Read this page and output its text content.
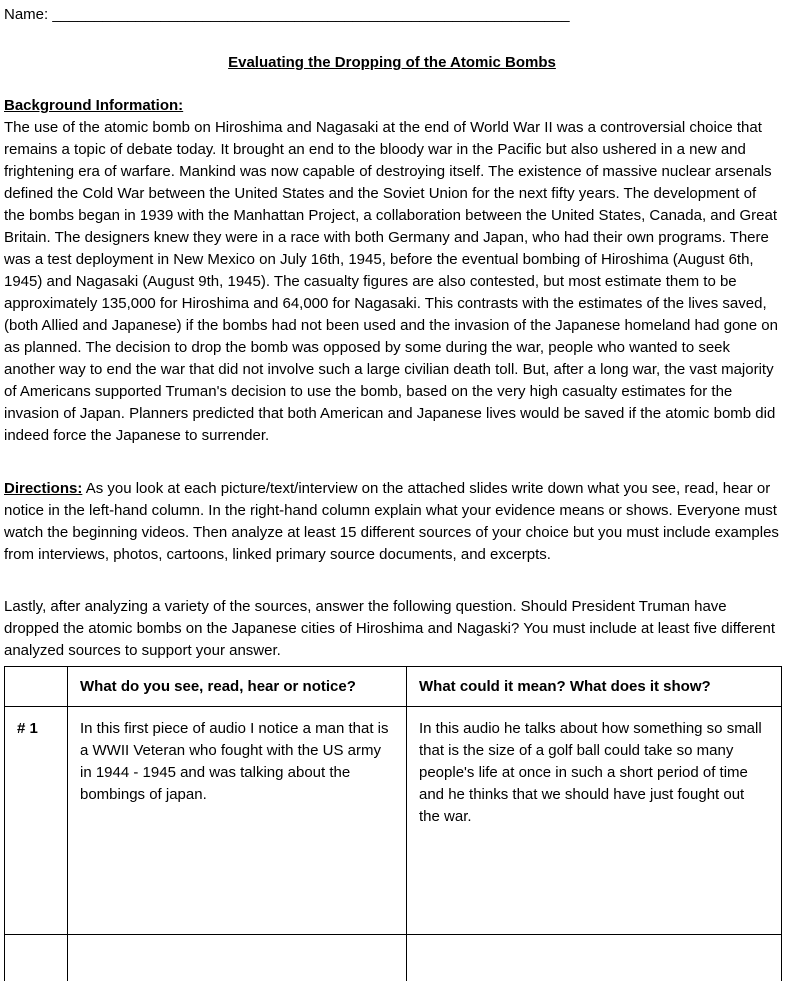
Name: ______________________________________________________________
Evaluating the Dropping of the Atomic Bombs
Background Information:

The use of the atomic bomb on Hiroshima and Nagasaki at the end of World War II was a controversial choice that remains a topic of debate today. It brought an end to the bloody war in the Pacific but also ushered in a new and frightening era of warfare. Mankind was now capable of destroying itself. The existence of massive nuclear arsenals defined the Cold War between the United States and the Soviet Union for the next fifty years. The development of the bombs began in 1939 with the Manhattan Project, a collaboration between the United States, Canada, and Great Britain. The designers knew they were in a race with both Germany and Japan, who had their own programs. There was a test deployment in New Mexico on July 16th, 1945, before the eventual bombing of Hiroshima (August 6th, 1945) and Nagasaki (August 9th, 1945). The casualty figures are also contested, but most estimate them to be approximately 135,000 for Hiroshima and 64,000 for Nagasaki. This contrasts with the estimates of the lives saved, (both Allied and Japanese) if the bombs had not been used and the invasion of the Japanese homeland had gone on as planned. The decision to drop the bomb was opposed by some during the war, people who wanted to seek another way to end the war that did not involve such a large civilian death toll. But, after a long war, the vast majority of Americans supported Truman's decision to use the bomb, based on the very high casualty estimates for the invasion of Japan. Planners predicted that both American and Japanese lives would be saved if the atomic bomb did indeed force the Japanese to surrender.

Directions: As you look at each picture/text/interview on the attached slides write down what you see, read, hear or notice in the left-hand column. In the right-hand column explain what your evidence means or shows. Everyone must watch the beginning videos. Then analyze at least 15 different sources of your choice but you must include examples from interviews, photos, cartoons, linked primary source documents, and excerpts.

Lastly, after analyzing a variety of the sources, answer the following question. Should President Truman have dropped the atomic bombs on the Japanese cities of Hiroshima and Nagaski? You must include at least five different analyzed sources to support your answer.

	What do you see, read, hear or notice?	What could it mean? What does it show?
# 1	In this first piece of audio I notice a man that is a WWII Veteran who fought with the US army in 1944 - 1945 and was talking about the bombings of japan.	In this audio he talks about how something so small that is the size of a golf ball could take so many people's life at once in such a short period of time and he thinks that we should have just fought out the war.
